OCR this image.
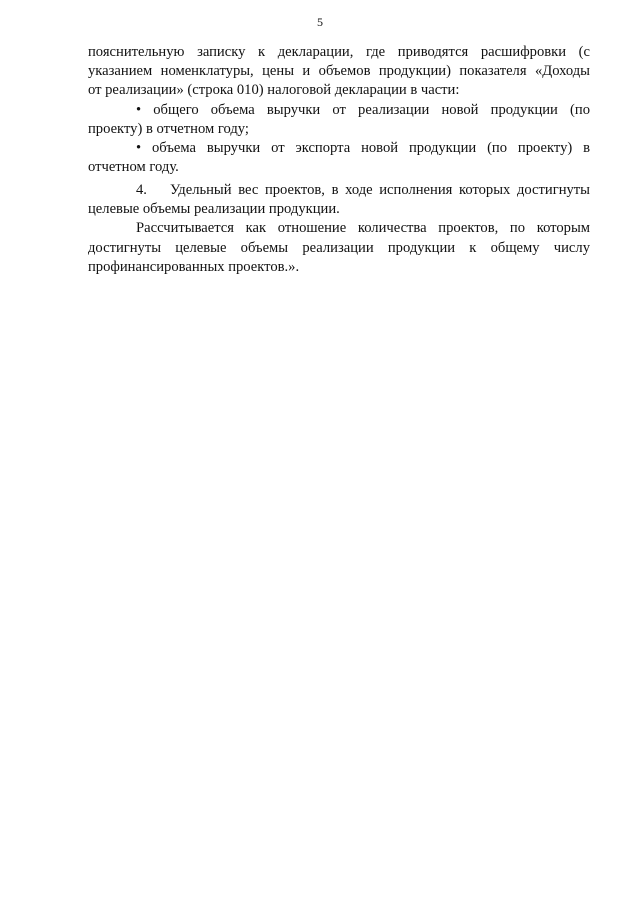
5
пояснительную записку к декларации, где приводятся расшифровки (с
указанием номенклатуры, цены и объемов продукции) показателя «Доходы
от реализации» (строка 010) налоговой декларации в части:
• общего объема выручки от реализации новой продукции (по
проекту) в отчетном году;
• объема выручки от экспорта новой продукции (по проекту) в
отчетном году.
4.	Удельный вес проектов, в ходе исполнения которых достигнуты
целевые объемы реализации продукции.
Рассчитывается как отношение количества проектов, по которым
достигнуты целевые объемы реализации продукции к общему числу
профинансированных проектов.».
